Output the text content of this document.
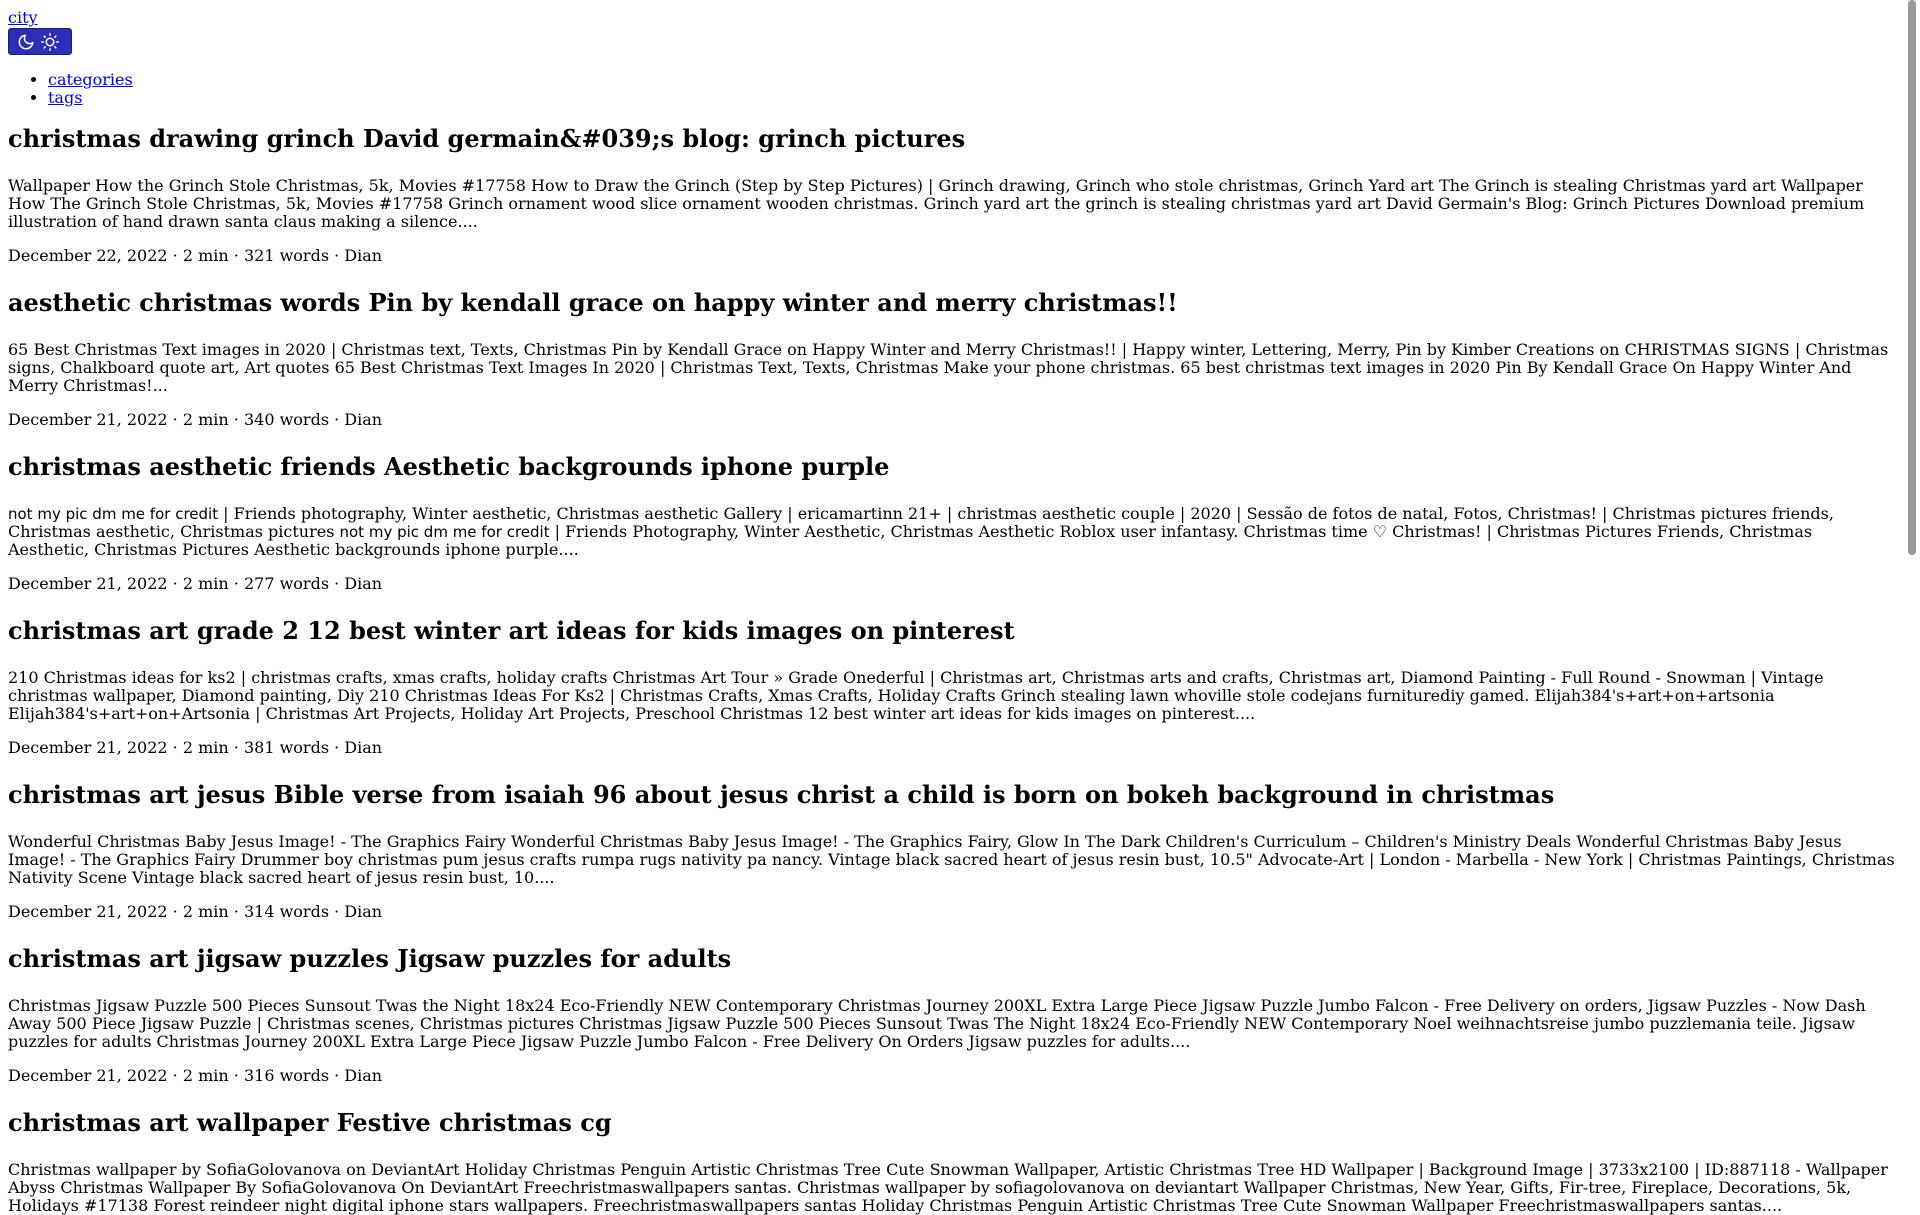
city
• categories
• tags
christmas drawing grinch David germain&#039;s blog: grinch pictures

Wallpaper How the Grinch Stole Christmas, 5k, Movies #17758 How to Draw the Grinch (Step by Step Pictures) | Grinch drawing, Grinch who stole christmas, Grinch Yard art The Grinch is stealing Christmas yard art Wallpaper How The Grinch Stole Christmas, 5k, Movies #17758 Grinch ornament wood slice ornament wooden christmas. Grinch yard art the grinch is stealing christmas yard art David Germain's Blog: Grinch Pictures Download premium illustration of hand drawn santa claus making a silence....

December 22, 2022 · 2 min · 321 words · Dian
aesthetic christmas words Pin by kendall grace on happy winter and merry christmas!!

65 Best Christmas Text images in 2020 | Christmas text, Texts, Christmas Pin by Kendall Grace on Happy Winter and Merry Christmas!! | Happy winter, Lettering, Merry, Pin by Kimber Creations on CHRISTMAS SIGNS | Christmas signs, Chalkboard quote art, Art quotes 65 Best Christmas Text Images In 2020 | Christmas Text, Texts, Christmas Make your phone christmas. 65 best christmas text images in 2020 Pin By Kendall Grace On Happy Winter And Merry Christmas!...

December 21, 2022 · 2 min · 340 words · Dian
christmas aesthetic friends Aesthetic backgrounds iphone purple

not my pic dm me for credit | Friends photography, Winter aesthetic, Christmas aesthetic Gallery | ericamartinn 21+ | christmas aesthetic couple | 2020 | Sessão de fotos de natal, Fotos, Christmas! | Christmas pictures friends, Christmas aesthetic, Christmas pictures not my pic dm me for credit | Friends Photography, Winter Aesthetic, Christmas Aesthetic Roblox user infantasy. Christmas time ♡ Christmas! | Christmas Pictures Friends, Christmas Aesthetic, Christmas Pictures Aesthetic backgrounds iphone purple....

December 21, 2022 · 2 min · 277 words · Dian
christmas art grade 2 12 best winter art ideas for kids images on pinterest

210 Christmas ideas for ks2 | christmas crafts, xmas crafts, holiday crafts Christmas Art Tour » Grade Onederful | Christmas art, Christmas arts and crafts, Christmas art, Diamond Painting - Full Round - Snowman | Vintage christmas wallpaper, Diamond painting, Diy 210 Christmas Ideas For Ks2 | Christmas Crafts, Xmas Crafts, Holiday Crafts Grinch stealing lawn whoville stole codejans furniturediy gamed. Elijah384's+art+on+artsonia Elijah384's+art+on+Artsonia | Christmas Art Projects, Holiday Art Projects, Preschool Christmas 12 best winter art ideas for kids images on pinterest....

December 21, 2022 · 2 min · 381 words · Dian
christmas art jesus Bible verse from isaiah 96 about jesus christ a child is born on bokeh background in christmas

Wonderful Christmas Baby Jesus Image! - The Graphics Fairy Wonderful Christmas Baby Jesus Image! - The Graphics Fairy, Glow In The Dark Children's Curriculum – Children's Ministry Deals Wonderful Christmas Baby Jesus Image! - The Graphics Fairy Drummer boy christmas pum jesus crafts rumpa rugs nativity pa nancy. Vintage black sacred heart of jesus resin bust, 10.5" Advocate-Art | London - Marbella - New York | Christmas Paintings, Christmas Nativity Scene Vintage black sacred heart of jesus resin bust, 10....

December 21, 2022 · 2 min · 314 words · Dian
christmas art jigsaw puzzles Jigsaw puzzles for adults

Christmas Jigsaw Puzzle 500 Pieces Sunsout Twas the Night 18x24 Eco-Friendly NEW Contemporary Christmas Journey 200XL Extra Large Piece Jigsaw Puzzle Jumbo Falcon - Free Delivery on orders, Jigsaw Puzzles - Now Dash Away 500 Piece Jigsaw Puzzle | Christmas scenes, Christmas pictures Christmas Jigsaw Puzzle 500 Pieces Sunsout Twas The Night 18x24 Eco-Friendly NEW Contemporary Noel weihnachtsreise jumbo puzzlemania teile. Jigsaw puzzles for adults Christmas Journey 200XL Extra Large Piece Jigsaw Puzzle Jumbo Falcon - Free Delivery On Orders Jigsaw puzzles for adults....

December 21, 2022 · 2 min · 316 words · Dian
christmas art wallpaper Festive christmas cg

Christmas wallpaper by SofiaGolovanova on DeviantArt Holiday Christmas Penguin Artistic Christmas Tree Cute Snowman Wallpaper, Artistic Christmas Tree HD Wallpaper | Background Image | 3733x2100 | ID:887118 - Wallpaper Abyss Christmas Wallpaper By SofiaGolovanova On DeviantArt Freechristmaswallpapers santas. Christmas wallpaper by sofiagolovanova on deviantart Wallpaper Christmas, New Year, Gifts, Fir-tree, Fireplace, Decorations, 5k, Holidays #17138 Forest reindeer night digital iphone stars wallpapers. Freechristmaswallpapers santas Holiday Christmas Penguin Artistic Christmas Tree Cute Snowman Wallpaper Freechristmaswallpapers santas....
